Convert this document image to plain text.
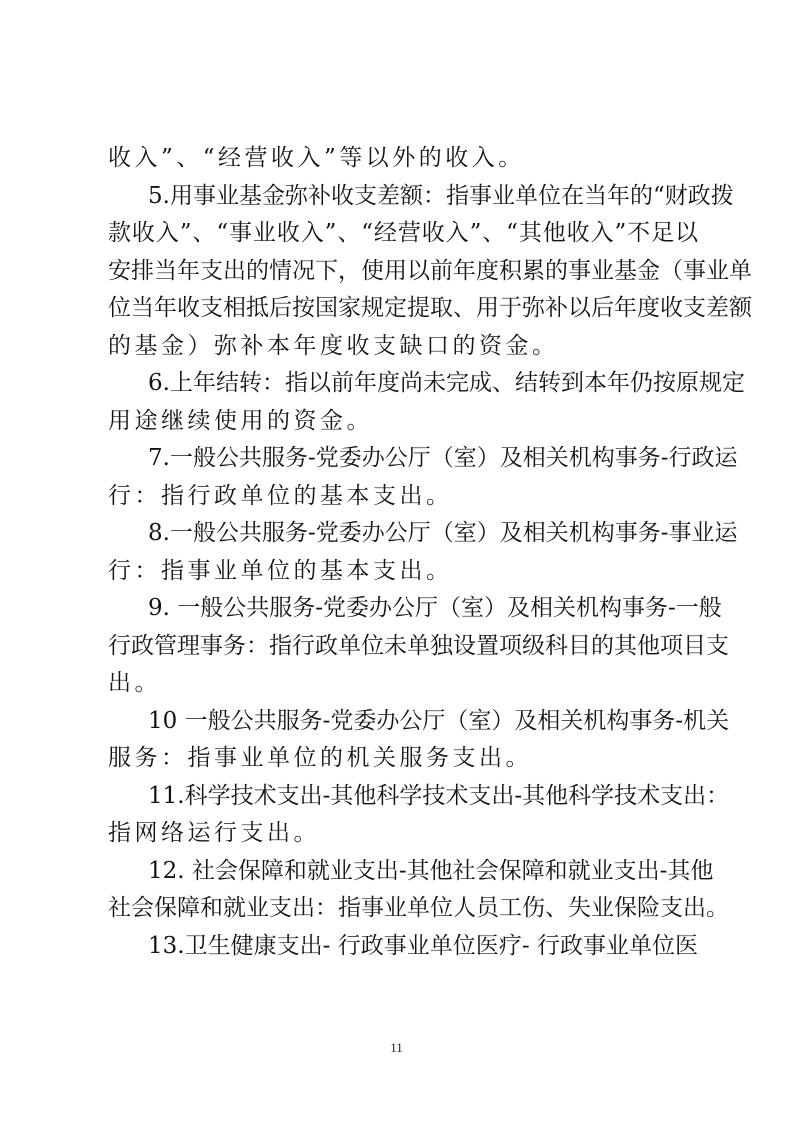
收入”、“经营收入”等以外的收入。
5.用事业基金弥补收支差额：指事业单位在当年的“财政拨
款收入”、“事业收入”、“经营收入”、“其他收入”不足以
安排当年支出的情况下，使用以前年度积累的事业基金（事业单
位当年收支相抵后按国家规定提取、用于弥补以后年度收支差额
的基金）弥补本年度收支缺口的资金。
6.上年结转：指以前年度尚未完成、结转到本年仍按原规定
用途继续使用的资金。
7.一般公共服务-党委办公厅（室）及相关机构事务-行政运
行：指行政单位的基本支出。
8.一般公共服务-党委办公厅（室）及相关机构事务-事业运
行：指事业单位的基本支出。
9. 一般公共服务-党委办公厅（室）及相关机构事务-一般
行政管理事务：指行政单位未单独设置项级科目的其他项目支
出。
10 一般公共服务-党委办公厅（室）及相关机构事务-机关
服务：指事业单位的机关服务支出。
11.科学技术支出-其他科学技术支出-其他科学技术支出：
指网络运行支出。
12. 社会保障和就业支出-其他社会保障和就业支出-其他
社会保障和就业支出：指事业单位人员工伤、失业保险支出。
13.卫生健康支出- 行政事业单位医疗- 行政事业单位医
11
